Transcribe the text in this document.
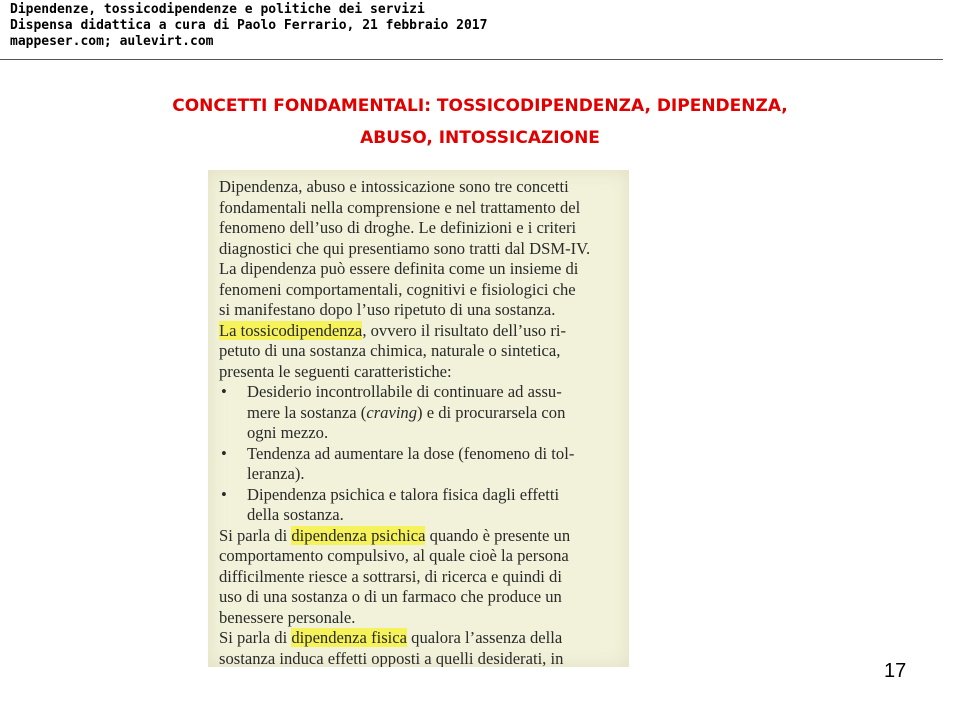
Dipendenze, tossicodipendenze e politiche dei servizi
Dispensa didattica a cura di Paolo Ferrario, 21 febbraio 2017
mappeser.com; aulevirt.com
CONCETTI FONDAMENTALI: TOSSICODIPENDENZA, DIPENDENZA,
ABUSO, INTOSSICAZIONE
Dipendenza, abuso e intossicazione sono tre concetti
fondamentali nella comprensione e nel trattamento del
fenomeno dell’uso di droghe. Le definizioni e i criteri
diagnostici che qui presentiamo sono tratti dal DSM-IV.
La dipendenza può essere definita come un insieme di
fenomeni comportamentali, cognitivi e fisiologici che
si manifestano dopo l’uso ripetuto di una sostanza.
La tossicodipendenza, ovvero il risultato dell’uso ri-
petuto di una sostanza chimica, naturale o sintetica,
presenta le seguenti caratteristiche:
• Desiderio incontrollabile di continuare ad assu-
mere la sostanza (craving) e di procurarsela con
ogni mezzo.
• Tendenza ad aumentare la dose (fenomeno di tol-
leranza).
• Dipendenza psichica e talora fisica dagli effetti
della sostanza.
Si parla di dipendenza psichica quando è presente un
comportamento compulsivo, al quale cioè la persona
difficilmente riesce a sottrarsi, di ricerca e quindi di
uso di una sostanza o di un farmaco che produce un
benessere personale.
Si parla di dipendenza fisica qualora l’assenza della
sostanza induca effetti opposti a quelli desiderati, in
17
